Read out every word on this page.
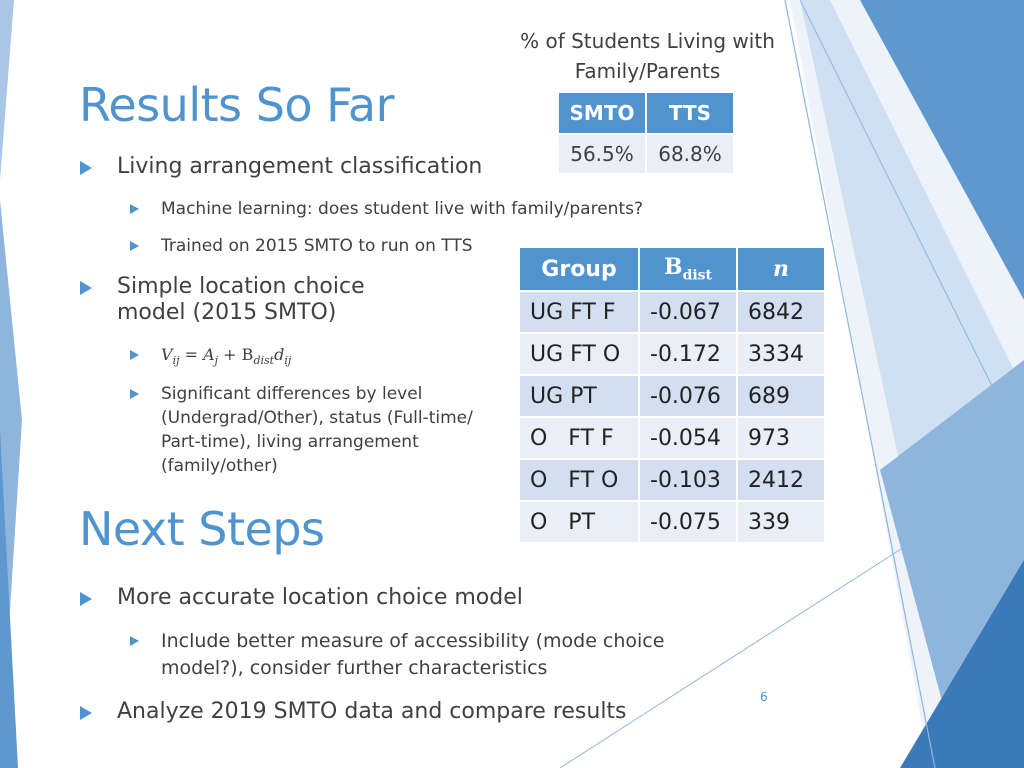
Results So Far
Next Steps
Living arrangement classification
Machine learning: does student live with family/parents?
Trained on 2015 SMTO to run on TTS
Simple location choice model (2015 SMTO)
$V_{ij} = A_j + B_{dist}d_{ij}$
Significant differences by level (Undergrad/Other), status (Full-time/ Part-time), living arrangement (family/other)
More accurate location choice model
Include better measure of accessibility (mode choice model?), consider further characteristics
Analyze 2019 SMTO data and compare results
% of Students Living with Family/Parents
SMTO	TTS
56.5%	68.8%
Group	$B_{dist}$	n
UG FT F	-0.067	6842
UG FT O	-0.172	3334
UG PT	-0.076	689
O   FT F	-0.054	973
O   FT O	-0.103	2412
O   PT	-0.075	339
6
